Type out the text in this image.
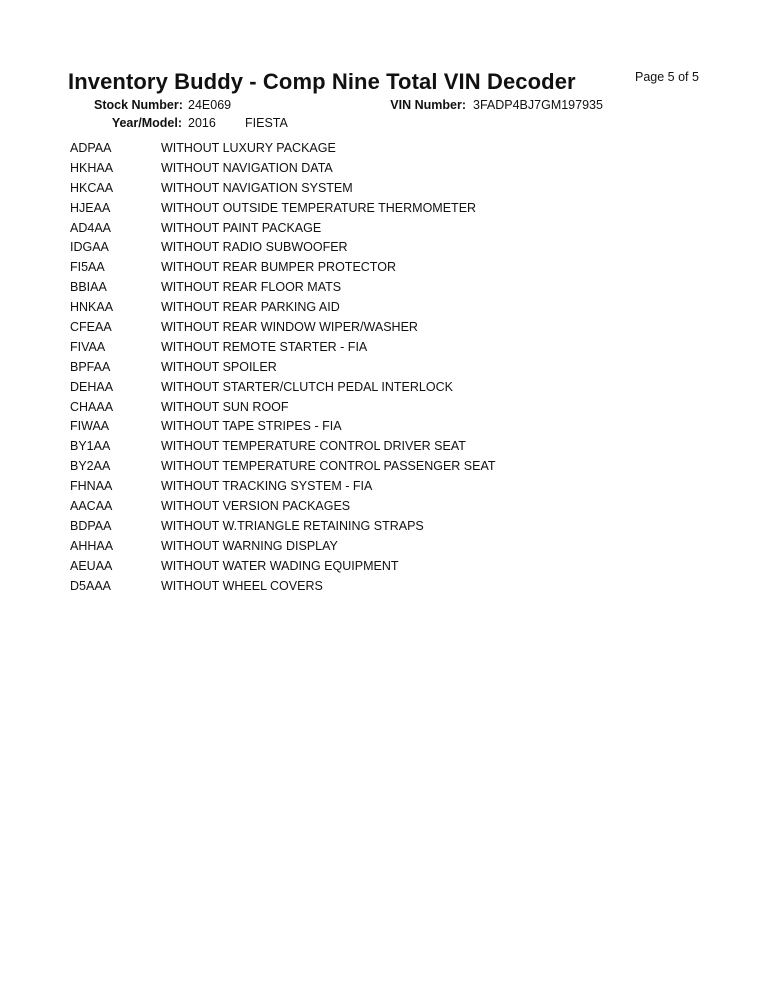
Inventory Buddy - Comp Nine Total VIN Decoder	Page 5 of 5
Stock Number: 24E069	VIN Number: 3FADP4BJ7GM197935
Year/Model: 2016 FIESTA
ADPAA	WITHOUT LUXURY PACKAGE
HKHAA	WITHOUT NAVIGATION DATA
HKCAA	WITHOUT NAVIGATION SYSTEM
HJEAA	WITHOUT OUTSIDE TEMPERATURE THERMOMETER
AD4AA	WITHOUT PAINT PACKAGE
IDGAA	WITHOUT RADIO SUBWOOFER
FI5AA	WITHOUT REAR BUMPER PROTECTOR
BBIAA	WITHOUT REAR FLOOR MATS
HNKAA	WITHOUT REAR PARKING AID
CFEAA	WITHOUT REAR WINDOW WIPER/WASHER
FIVAA	WITHOUT REMOTE STARTER - FIA
BPFAA	WITHOUT SPOILER
DEHAA	WITHOUT STARTER/CLUTCH PEDAL INTERLOCK
CHAAA	WITHOUT SUN ROOF
FIWAA	WITHOUT TAPE STRIPES - FIA
BY1AA	WITHOUT TEMPERATURE CONTROL DRIVER SEAT
BY2AA	WITHOUT TEMPERATURE CONTROL PASSENGER SEAT
FHNAA	WITHOUT TRACKING SYSTEM - FIA
AACAA	WITHOUT VERSION PACKAGES
BDPAA	WITHOUT W.TRIANGLE RETAINING STRAPS
AHHAA	WITHOUT WARNING DISPLAY
AEUAA	WITHOUT WATER WADING EQUIPMENT
D5AAA	WITHOUT WHEEL COVERS
